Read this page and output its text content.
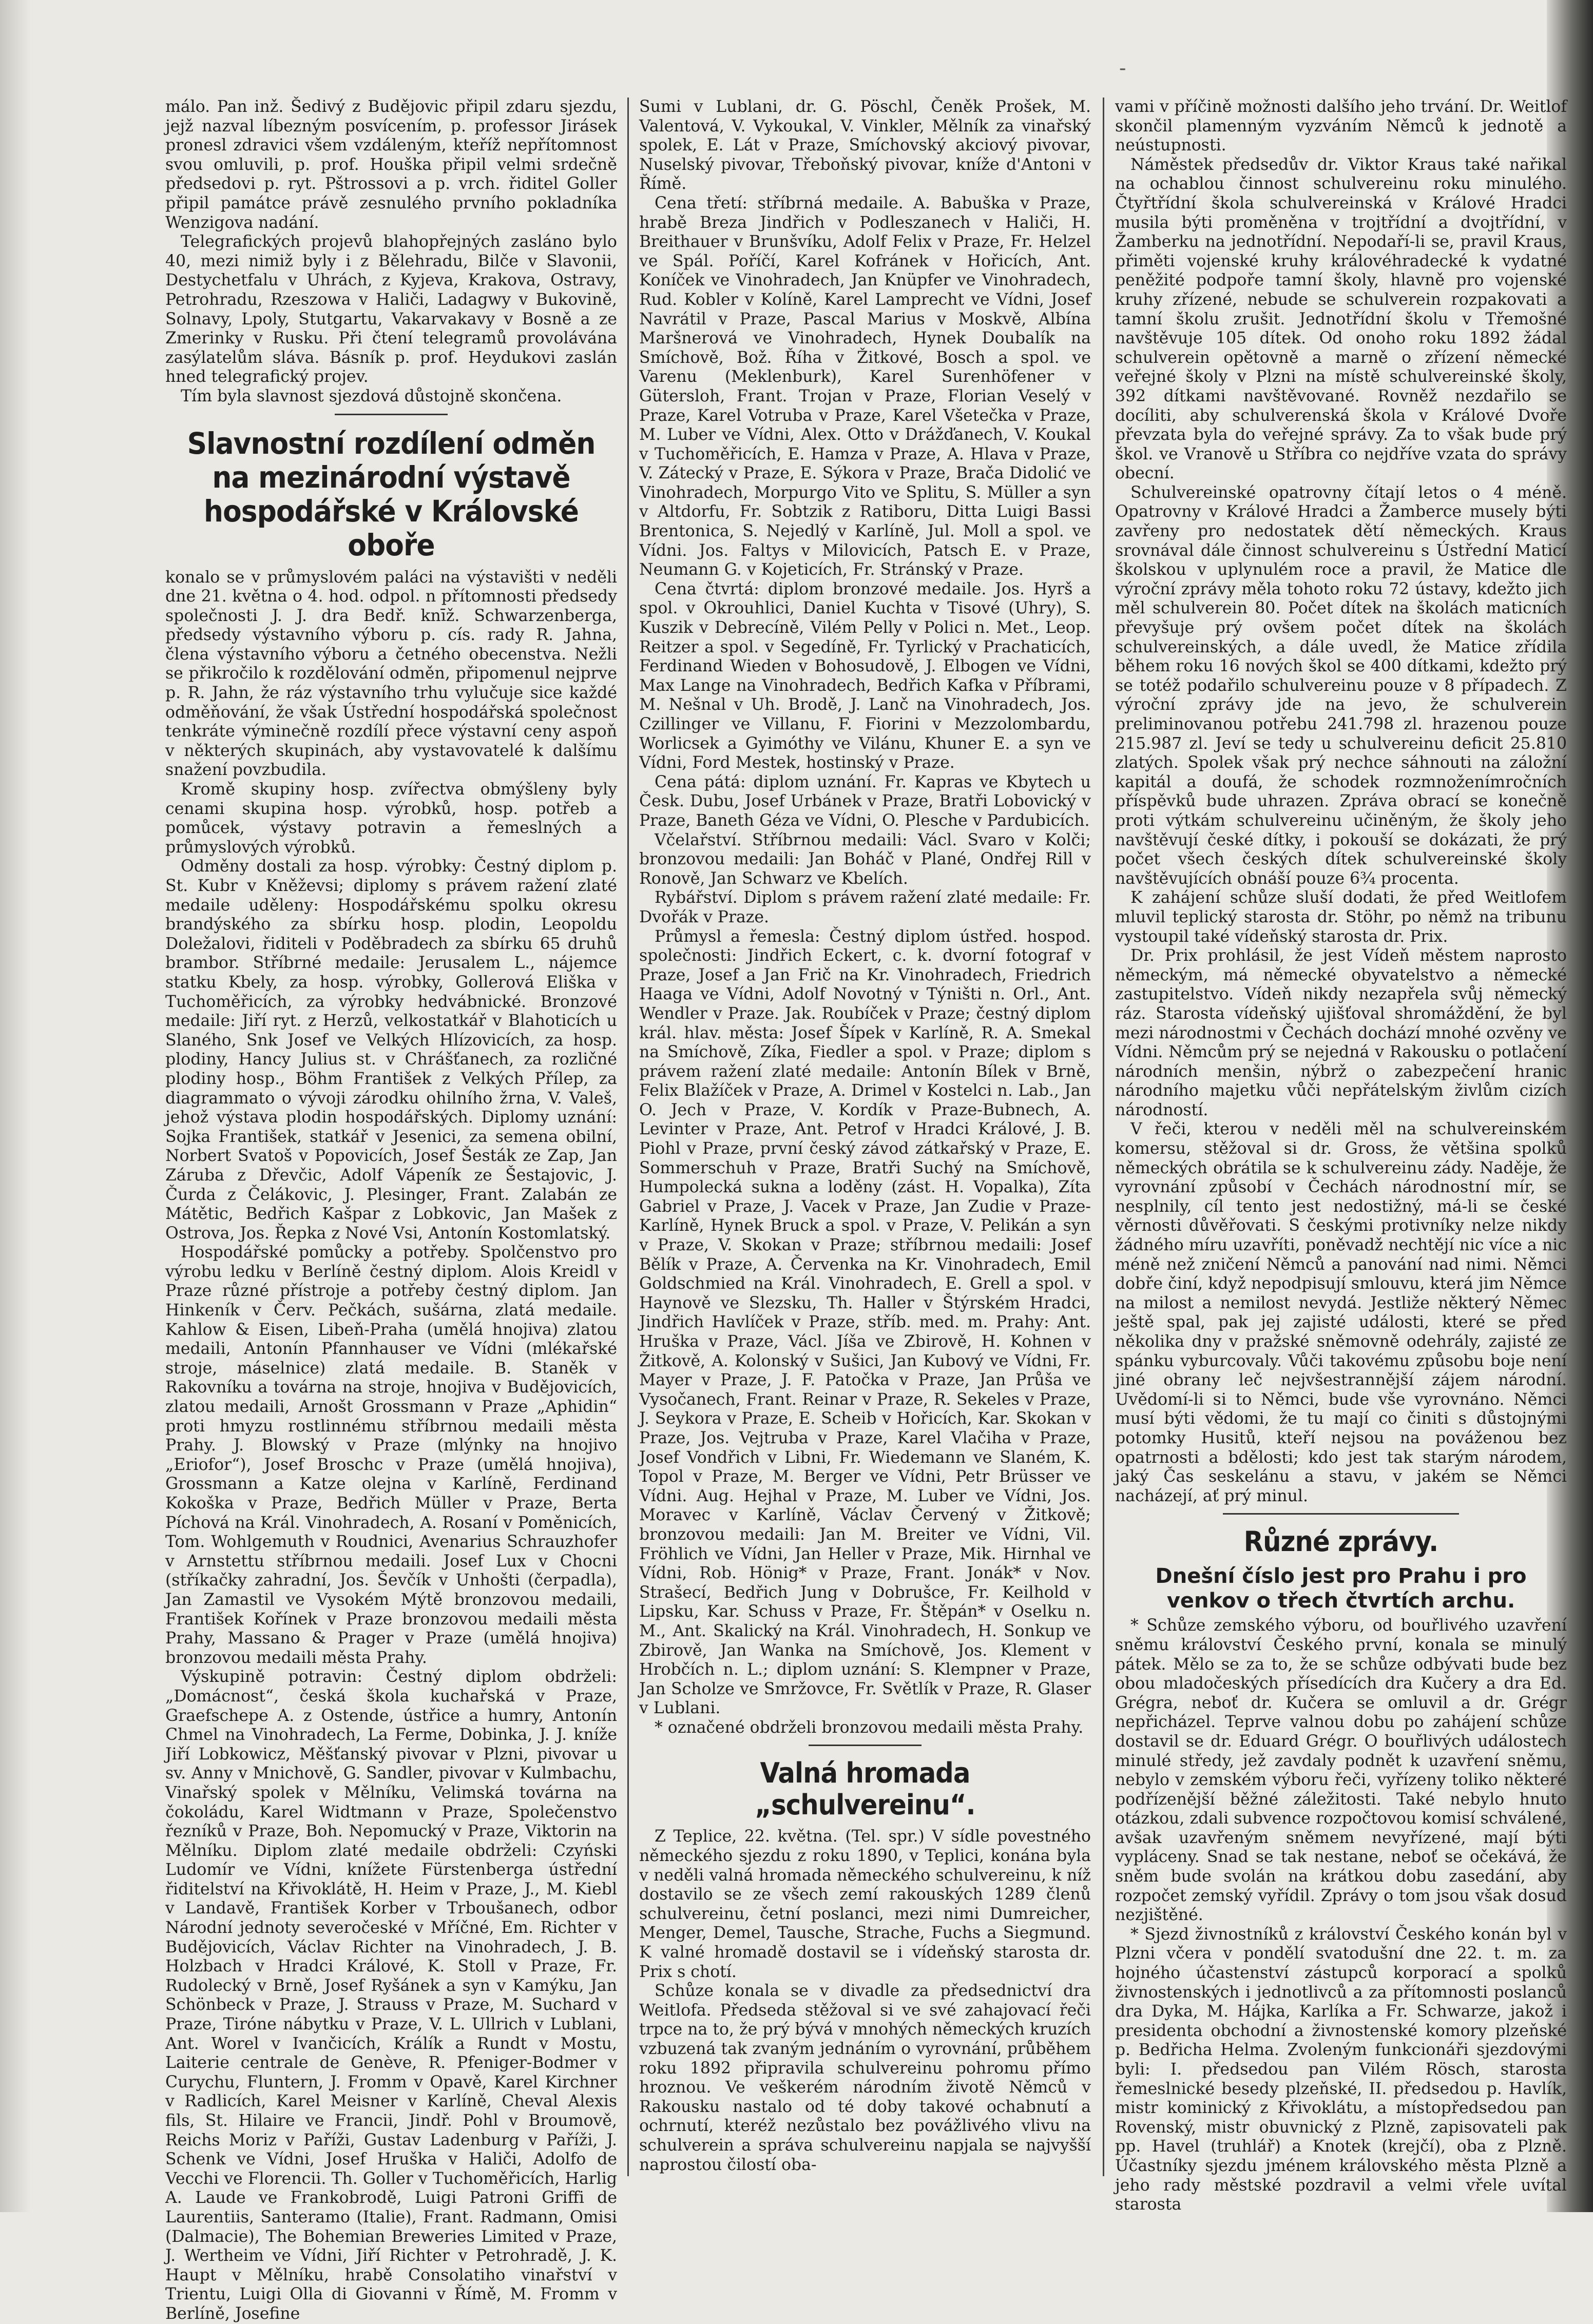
-

málo. Pan inž. Šedivý z Budějovic připil zdaru sjezdu, jejž nazval líbezným posvícením, p. professor Jirásek pronesl zdravici všem vzdáleným, kteříž nepřítomnost svou omluvili, p. prof. Houška připil velmi srdečně předsedovi p. ryt. Pštrossovi a p. vrch. řiditel Goller připil památce právě zesnulého prvního pokladníka Wenzigova nadání.

Telegrafických projevů blahopřejných zasláno bylo 40, mezi nimiž byly i z Bělehradu, Bilče v Slavonii, Destychetfalu v Uhrách, z Kyjeva, Krakova, Ostravy, Petrohradu, Rzeszowa v Haliči, Ladagwy v Bukovině, Solnavy, Lpoly, Stutgartu, Vakarvakavy v Bosně a ze Zmerinky v Rusku. Při čtení telegramů provolávána zasýlatelům sláva. Básník p. prof. Heydukovi zaslán hned telegrafický projev.

Tím byla slavnost sjezdová důstojně skončena.

Slavnostní rozdílení odměn na mezinárodní výstavě hospodářské v Královské oboře

konalo se v průmyslovém paláci na výstavišti v neděli dne 21. května o 4. hod. odpol. n přítomnosti předsedy společnosti J. J. dra Bedř. knīž. Schwarzenberga, předsedy výstavního výboru p. cís. rady R. Jahna, člena výstavního výboru a četného obecenstva. Nežli se přikročilo k rozdělování odměn, připomenul nejprve p. R. Jahn, že ráz výstavního trhu vylučuje sice každé odměňování, že však Ústřední hospodářská společnost tenkráte výminečně rozdílí přece výstavní ceny aspoň v některých skupinách, aby vystavovatelé k dalšímu snažení povzbudila.

Kromě skupiny hosp. zvířectva obmýšleny byly cenami skupina hosp. výrobků, hosp. potřeb a pomůcek, výstavy potravin a řemeslných a průmyslových výrobků.

Odměny dostali za hosp. výrobky: Čestný diplom p. St. Kubr v Kněževsi; diplomy s právem ražení zlaté medaile uděleny: Hospodářskému spolku okresu brandýského za sbírku hosp. plodin, Leopoldu Doležalovi, řiditeli v Poděbradech za sbírku 65 druhů brambor. Stříbrné medaile: Jerusalem L., nájemce statku Kbely, za hosp. výrobky, Gollerová Eliška v Tuchoměřicích, za výrobky hedvábnické. Bronzové medaile: Jiří ryt. z Herzů, velkostatkář v Blahoticích u Slaného, Snk Josef ve Velkých Hlízovicích, za hosp. plodiny, Hancy Julius st. v Chrášťanech, za rozličné plodiny hosp., Böhm František z Velkých Přílep, za diagrammato o vývoji zárodku ohilního žrna, V. Valeš, jehož výstava plodin hospodářských. Diplomy uznání: Sojka František, statkář v Jesenici, za semena obilní, Norbert Svatoš v Popovicích, Josef Šesták ze Zap, Jan Záruba z Dřevčic, Adolf Vápeník ze Šestajovic, J. Čurda z Čelákovic, J. Plesinger, Frant. Zalabán ze Mátětic, Bedřich Kašpar z Lobkovic, Jan Mašek z Ostrova, Jos. Řepka z Nové Vsi, Antonín Kostomlatský.

Hospodářské pomůcky a potřeby. Spolčenstvo pro výrobu ledku v Berlíně čestný diplom. Alois Kreidl v Praze různé přístroje a potřeby čestný diplom. Jan Hinkeník v Červ. Pečkách, sušárna, zlatá medaile. Kahlow & Eisen, Libeň-Praha (umělá hnojiva) zlatou medaili, Antonín Pfannhauser ve Vídni (mlékařské stroje, máselnice) zlatá medaile. B. Staněk v Rakovníku a továrna na stroje, hnojiva v Budějovicích, zlatou medaili, Arnošt Grossmann v Praze „Aphidin“ proti hmyzu rostlinnému stříbrnou medaili města Prahy. J. Blowský v Praze (mlýnky na hnojivo „Eriofor“), Josef Broschc v Praze (umělá hnojiva), Grossmann a Katze olejna v Karlíně, Ferdinand Kokoška v Praze, Bedřich Müller v Praze, Berta Píchová na Král. Vinohradech, A. Rosaní v Poměnicích, Tom. Wohlgemuth v Roudnici, Avenarius Schrauzhofer v Arnstettu stříbrnou medaili. Josef Lux v Chocni (stříkačky zahradní, Jos. Ševčík v Unhošti (čerpadla), Jan Zamastil ve Vysokém Mýtě bronzovou medaili, František Kořínek v Praze bronzovou medaili města Prahy, Massano & Prager v Praze (umělá hnojiva) bronzovou medaili města Prahy.

Výskupině potravin: Čestný diplom obdrželi: „Domácnost“, česká škola kuchařská v Praze, Graefschepe A. z Ostende, ústřice a humry, Antonín Chmel na Vinohradech, La Ferme, Dobinka, J. J. kníže Jiří Lobkowicz, Měšťanský pivovar v Plzni, pivovar u sv. Anny v Mnichově, G. Sandler, pivovar v Kulmbachu, Vinařský spolek v Mělníku, Velimská továrna na čokoládu, Karel Widtmann v Praze, Společenstvo řezníků v Praze, Boh. Nepomucký v Praze, Viktorin na Mělníku. Diplom zlaté medaile obdrželi: Czyński Ludomír ve Vídni, knížete Fürstenberga ústřední řiditelství na Křivoklátě, H. Heim v Praze, J., M. Kiebl v Landavě, František Korber v Trboušanech, odbor Národní jednoty severočeské v Mříčné, Em. Richter v Budějovicích, Václav Richter na Vinohradech, J. B. Holzbach v Hradci Králové, K. Stoll v Praze, Fr. Rudolecký v Brně, Josef Ryšánek a syn v Kamýku, Jan Schönbeck v Praze, J. Strauss v Praze, M. Suchard v Praze, Tiróne nábytku v Praze, V. L. Ullrich v Lublani, Ant. Worel v Ivančicích, Králík a Rundt v Mostu, Laiterie centrale de Genève, R. Pfeniger-Bodmer v Curychu, Fluntern, J. Fromm v Opavě, Karel Kirchner v Radlicích, Karel Meisner v Karlíně, Cheval Alexis fils, St. Hilaire ve Francii, Jindř. Pohl v Broumově, Reichs Moriz v Paříži, Gustav Ladenburg v Paříži, J. Schenk ve Vídni, Josef Hruška v Haliči, Adolfo de Vecchi ve Florencii. Th. Goller v Tuchoměřicích, Harlig A. Laude ve Frankobrodě, Luigi Patroni Griffi de Laurentiis, Santeramo (Italie), Frant. Radmann, Omisi (Dalmacie), The Bohemian Breweries Limited v Praze, J. Wertheim ve Vídni, Jiří Richter v Petrohradě, J. K. Haupt v Mělníku, hrabě Consolatiho vinařství v Trientu, Luigi Olla di Giovanni v Římě, M. Fromm v Berlíně, Josefine

Sumi v Lublani, dr. G. Pöschl, Čeněk Prošek, M. Valentová, V. Vykoukal, V. Vinkler, Mělník za vinařský spolek, E. Lát v Praze, Smíchovský akciový pivovar, Nuselský pivovar, Třeboňský pivovar, kníže d'Antoni v Římě.

Cena třetí: stříbrná medaile. A. Babuška v Praze, hrabě Breza Jindřich v Podleszanech v Haliči, H. Breithauer v Brunšvíku, Adolf Felix v Praze, Fr. Helzel ve Spál. Poříčí, Karel Kofránek v Hořicích, Ant. Koníček ve Vinohradech, Jan Knüpfer ve Vinohradech, Rud. Kobler v Kolíně, Karel Lamprecht ve Vídni, Josef Navrátil v Praze, Pascal Marius v Moskvě, Albína Maršnerová ve Vinohradech, Hynek Doubalík na Smíchově, Bož. Říha v Žitkové, Bosch a spol. ve Varenu (Meklenburk), Karel Surenhöfener v Gütersloh, Frant. Trojan v Praze, Florian Veselý v Praze, Karel Votruba v Praze, Karel Všetečka v Praze, M. Luber ve Vídni, Alex. Otto v Drážďanech, V. Koukal v Tuchoměřicích, E. Hamza v Praze, A. Hlava v Praze, V. Zátecký v Praze, E. Sýkora v Praze, Brača Didolić ve Vinohradech, Morpurgo Vito ve Splitu, S. Müller a syn v Altdorfu, Fr. Sobtzik z Ratiboru, Ditta Luigi Bassi Brentonica, S. Nejedlý v Karlíně, Jul. Moll a spol. ve Vídni. Jos. Faltys v Milovicích, Patsch E. v Praze, Neumann G. v Kojeticích, Fr. Stránský v Praze.

Cena čtvrtá: diplom bronzové medaile. Jos. Hyrš a spol. v Okrouhlici, Daniel Kuchta v Tisové (Uhry), S. Kuszik v Debrecíně, Vilém Pelly v Polici n. Met., Leop. Reitzer a spol. v Segedíně, Fr. Tyrlický v Prachaticích, Ferdinand Wieden v Bohosudově, J. Elbogen ve Vídni, Max Lange na Vinohradech, Bedřich Kafka v Příbrami, M. Nešnal v Uh. Brodě, J. Lanč na Vinohradech, Jos. Czillinger ve Villanu, F. Fiorini v Mezzolombardu, Worlicsek a Gyimóthy ve Vilánu, Khuner E. a syn ve Vídni, Ford Mestek, hostinský v Praze.

Cena pátá: diplom uznání. Fr. Kapras ve Kbytech u Česk. Dubu, Josef Urbánek v Praze, Bratři Lobovický v Praze, Baneth Géza ve Vídni, O. Plesche v Pardubicích.

Včelařství. Stříbrnou medaili: Václ. Svaro v Kolči; bronzovou medaili: Jan Boháč v Plané, Ondřej Rill v Ronově, Jan Schwarz ve Kbelích.

Rybářství. Diplom s právem ražení zlaté medaile: Fr. Dvořák v Praze.

Průmysl a řemesla: Čestný diplom ústřed. hospod. společnosti: Jindřich Eckert, c. k. dvorní fotograf v Praze, Josef a Jan Frič na Kr. Vinohradech, Friedrich Haaga ve Vídni, Adolf Novotný v Týništi n. Orl., Ant. Wendler v Praze. Jak. Roubíček v Praze; čestný diplom král. hlav. města: Josef Šípek v Karlíně, R. A. Smekal na Smíchově, Zíka, Fiedler a spol. v Praze; diplom s právem ražení zlaté medaile: Antonín Bílek v Brně, Felix Blažíček v Praze, A. Drimel v Kostelci n. Lab., Jan O. Jech v Praze, V. Kordík v Praze-Bubnech, A. Levinter v Praze, Ant. Petrof v Hradci Králové, J. B. Piohl v Praze, první český závod zátkařský v Praze, E. Sommerschuh v Praze, Bratři Suchý na Smíchově, Humpolecká sukna a loděny (zást. H. Vopalka), Zíta Gabriel v Praze, J. Vacek v Praze, Jan Zudie v Praze-Karlíně, Hynek Bruck a spol. v Praze, V. Pelikán a syn v Praze, V. Skokan v Praze; stříbrnou medaili: Josef Bělík v Praze, A. Červenka na Kr. Vinohradech, Emil Goldschmied na Král. Vinohradech, E. Grell a spol. v Haynově ve Slezsku, Th. Haller v Štýrském Hradci, Jindřich Havlíček v Praze, stříb. med. m. Prahy: Ant. Hruška v Praze, Václ. Jíša ve Zbirově, H. Kohnen v Žitkově, A. Kolonský v Sušici, Jan Kubový ve Vídni, Fr. Mayer v Praze, J. F. Patočka v Praze, Jan Průša ve Vysočanech, Frant. Reinar v Praze, R. Sekeles v Praze, J. Seykora v Praze, E. Scheib v Hořicích, Kar. Skokan v Praze, Jos. Vejtruba v Praze, Karel Vlačiha v Praze, Josef Vondřich v Libni, Fr. Wiedemann ve Slaném, K. Topol v Praze, M. Berger ve Vídni, Petr Brüsser ve Vídni. Aug. Hejhal v Praze, M. Luber ve Vídni, Jos. Moravec v Karlíně, Václav Červený v Žitkově; bronzovou medaili: Jan M. Breiter ve Vídni, Vil. Fröhlich ve Vídni, Jan Heller v Praze, Mik. Hirnhal ve Vídni, Rob. Hönig* v Praze, Frant. Jonák* v Nov. Strašecí, Bedřich Jung v Dobrušce, Fr. Keilhold v Lipsku, Kar. Schuss v Praze, Fr. Štěpán* v Oselku n. M., Ant. Skalický na Král. Vinohradech, H. Sonkup ve Zbirově, Jan Wanka na Smíchově, Jos. Klement v Hrobčích n. L.; diplom uznání: S. Klempner v Praze, Jan Scholze ve Smržovce, Fr. Světlík v Praze, R. Glaser v Lublani.

* označené obdrželi bronzovou medaili města Prahy.

Valná hromada „schulvereinu“.

Z Teplice, 22. května. (Tel. spr.) V sídle povestného německého sjezdu z roku 1890, v Teplici, konána byla v neděli valná hromada německého schulvereinu, k níž dostavilo se ze všech zemí rakouských 1289 členů schulvereinu, četní poslanci, mezi nimi Dumreicher, Menger, Demel, Tausche, Strache, Fuchs a Siegmund. K valné hromadě dostavil se i vídeňský starosta dr. Prix s chotí.

Schůze konala se v divadle za předsednictví dra Weitlofa. Předseda stěžoval si ve své zahajovací řeči trpce na to, že prý bývá v mnohých německých kruzích vzbuzená tak zvaným jednáním o vyrovnání, průběhem roku 1892 připravila schulvereinu pohromu přímo hroznou. Ve veškerém národním životě Němců v Rakousku nastalo od té doby takové ochabnutí a ochrnutí, kteréž nezůstalo bez povážlivého vlivu na schulverein a správa schulvereinu napjala se najvyšší naprostou čilostí oba-

vami v příčině možnosti dalšího jeho trvání. Dr. Weitlof skončil plamenným vyzváním Němců k jednotě a neústupnosti.

Náměstek předsedův dr. Viktor Kraus také nařikal na ochablou činnost schulvereinu roku minulého. Čtyřtřídní škola schulvereinská v Králové Hradci musila býti proměněna v trojtřídní a dvojtřídní, v Žamberku na jednotřídní. Nepodaří-li se, pravil Kraus, přiměti vojenské kruhy královéhradecké k vydatné peněžité podpoře tamní školy, hlavně pro vojenské kruhy zřízené, nebude se schulverein rozpakovati a tamní školu zrušit. Jednotřídní školu v Třemošné navštěvuje 105 dítek. Od onoho roku 1892 žádal schulverein opětovně a marně o zřízení německé veřejné školy v Plzni na místě schulvereinské školy, 392 dítkami navštěvované. Rovněž nezdařilo se docíliti, aby schulverenská škola v Králové Dvoře převzata byla do veřejné správy. Za to však bude prý škol. ve Vranově u Stříbra co nejdříve vzata do správy obecní.

Schulvereinské opatrovny čítají letos o 4 méně. Opatrovny v Králové Hradci a Žamberce musely býti zavřeny pro nedostatek dětí německých. Kraus srovnával dále činnost schulvereinu s Ústřední Maticí školskou v uplynulém roce a pravil, že Matice dle výroční zprávy měla tohoto roku 72 ústavy, kdežto jich měl schulverein 80. Počet dítek na školách maticních převyšuje prý ovšem počet dítek na školách schulvereinských, a dále uvedl, že Matice zřídila během roku 16 nových škol se 400 dítkami, kdežto prý se totéž podařilo schulvereinu pouze v 8 případech. Z výroční zprávy jde na jevo, že schulverein preliminovanou potřebu 241.798 zl. hrazenou pouze 215.987 zl. Jeví se tedy u schulvereinu deficit 25.810 zlatých. Spolek však prý nechce sáhnouti na záložní kapitál a doufá, že schodek rozmnoženímročních příspěvků bude uhrazen. Zpráva obrací se konečně proti výtkám schulvereinu učiněným, že školy jeho navštěvují české dítky, i pokouší se dokázati, že prý počet všech českých dítek schulvereinské školy navštěvujících obnáší pouze 6¾ procenta.

K zahájení schůze sluší dodati, že před Weitlofem mluvil teplický starosta dr. Stöhr, po němž na tribunu vystoupil také vídeňský starosta dr. Prix.

Dr. Prix prohlásil, že jest Vídeň městem naprosto německým, má německé obyvatelstvo a německé zastupitelstvo. Vídeň nikdy nezapřela svůj německý ráz. Starosta vídeňský ujišťoval shromáždění, že byl mezi národnostmi v Čechách dochází mnohé ozvěny ve Vídni. Němcům prý se nejedná v Rakousku o potlačení národních menšin, nýbrž o zabezpečení hranic národního majetku vůči nepřátelským živlům cizích národností.

V řeči, kterou v neděli měl na schulvereinském komersu, stěžoval si dr. Gross, že většina spolků německých obrátila se k schulvereinu zády. Naděje, že vyrovnání způsobí v Čechách národnostní mír, se nesplnily, cíl tento jest nedostižný, má-li se české věrnosti důvěřovati. S českými protivníky nelze nikdy žádného míru uzavříti, poněvadž nechtějí nic více a nic méně než zničení Němců a panování nad nimi. Němci dobře činí, když nepodpisují smlouvu, která jim Němce na milost a nemilost nevydá. Jestliže některý Němec ještě spal, pak jej zajisté události, které se před několika dny v pražské sněmovně odehrály, zajisté ze spánku vyburcovaly. Vůči takovému způsobu boje není jiné obrany leč nejvšestrannější zájem národní. Uvědomí-li si to Němci, bude vše vyrovnáno. Němci musí býti vědomi, že tu mají co činiti s důstojnými potomky Husitů, kteří nejsou na pováženou bez opatrnosti a bdělosti; kdo jest tak starým národem, jaký Čas seskelánu a stavu, v jakém se Němci nacházejí, ať prý minul.

Různé zprávy.
Dnešní číslo jest pro Prahu i pro venkov o třech čtvrtích archu.

* Schůze zemského výboru, od bouřlivého uzavření sněmu království Českého první, konala se minulý pátek. Mělo se za to, že se schůze odbývati bude bez obou mladočeských přísedících dra Kučery a dra Ed. Grégra, neboť dr. Kučera se omluvil a dr. Grégr nepřicházel. Teprve valnou dobu po zahájení schůze dostavil se dr. Eduard Grégr. O bouřlivých událostech minulé středy, jež zavdaly podnět k uzavření sněmu, nebylo v zemském výboru řeči, vyřízeny toliko některé podřízenější běžné záležitosti. Také nebylo hnuto otázkou, zdali subvence rozpočtovou komisí schválené, avšak uzavřeným sněmem nevyřízené, mají býti vypláceny. Snad se tak nestane, neboť se očekává, že sněm bude svolán na krátkou dobu zasedání, aby rozpočet zemský vyřídil. Zprávy o tom jsou však dosud nezjištěné.

* Sjezd živnostníků z království Českého konán byl v Plzni včera v pondělí svatodušní dne 22. t. m. za hojného účastenství zástupců korporací a spolků živnostenských i jednotlivců a za přítomnosti poslanců dra Dyka, M. Hájka, Karlíka a Fr. Schwarze, jakož i presidenta obchodní a živnostenské komory plzeňské p. Bedřicha Helma. Zvoleným funkcionáři sjezdovými byli: I. předsedou pan Vilém Rösch, starosta řemeslnické besedy plzeňské, II. předsedou p. Havlík, mistr kominický z Křivoklátu, a místopředsedou pan Rovenský, mistr obuvnický z Plzně, zapisovateli pak pp. Havel (truhlář) a Knotek (krejčí), oba z Plzně. Účastníky sjezdu jménem královského města Plzně a jeho rady městské pozdravil a velmi vřele uvítal starosta
